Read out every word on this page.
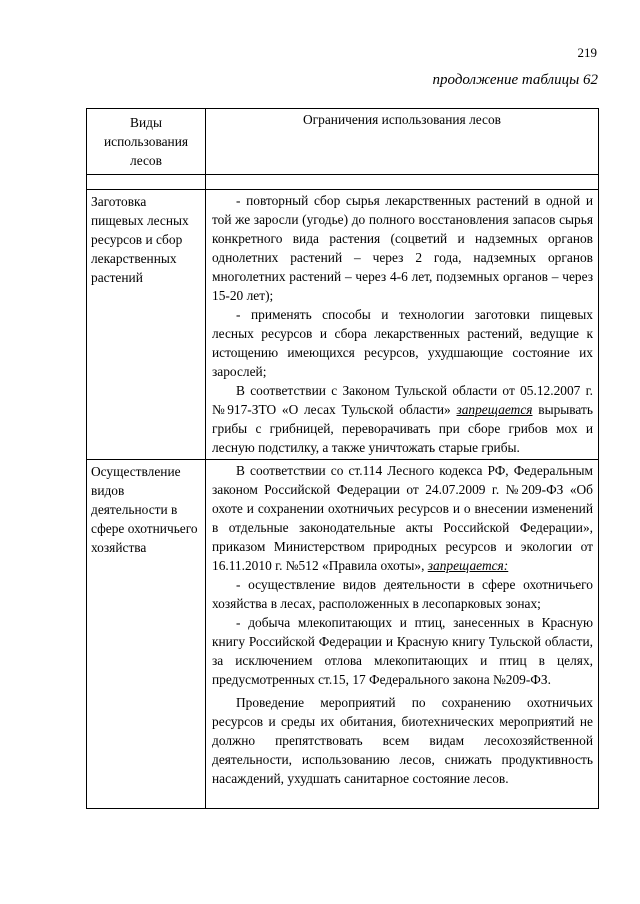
219
продолжение таблицы 62
Виды использования лесов	Ограничения использования лесов

Заготовка пищевых лесных ресурсов и сбор лекарственных растений	- повторный сбор сырья лекарственных растений в одной и той же заросли (угодье) до полного восстановления запасов сырья конкретного вида растения (соцветий и надземных органов однолетних растений – через 2 года, надземных органов многолетних растений – через 4-6 лет, подземных органов – через 15-20 лет);

- применять способы и технологии заготовки пищевых лесных ресурсов и сбора лекарственных растений, ведущие к истощению имеющихся ресурсов, ухудшающие состояние их зарослей;

В соответствии с Законом Тульской области от 05.12.2007 г. №917-ЗТО «О лесах Тульской области» запрещается вырывать грибы с грибницей, переворачивать при сборе грибов мох и лесную подстилку, а также уничтожать старые грибы.

Осуществление видов деятельности в сфере охотничьего хозяйства	В соответствии со ст.114 Лесного кодекса РФ, Федеральным законом Российской Федерации от 24.07.2009 г. №209-ФЗ «Об охоте и сохранении охотничьих ресурсов и о внесении изменений в отдельные законодательные акты Российской Федерации», приказом Министерством природных ресурсов и экологии от 16.11.2010 г. №512 «Правила охоты», запрещается:

- осуществление видов деятельности в сфере охотничьего хозяйства в лесах, расположенных в лесопарковых зонах;

- добыча млекопитающих и птиц, занесенных в Красную книгу Российской Федерации и Красную книгу Тульской области, за исключением отлова млекопитающих и птиц в целях, предусмотренных ст.15, 17 Федерального закона №209-ФЗ.

Проведение мероприятий по сохранению охотничьих ресурсов и среды их обитания, биотехнических мероприятий не должно препятствовать всем видам лесохозяйственной деятельности, использованию лесов, снижать продуктивность насаждений, ухудшать санитарное состояние лесов.
